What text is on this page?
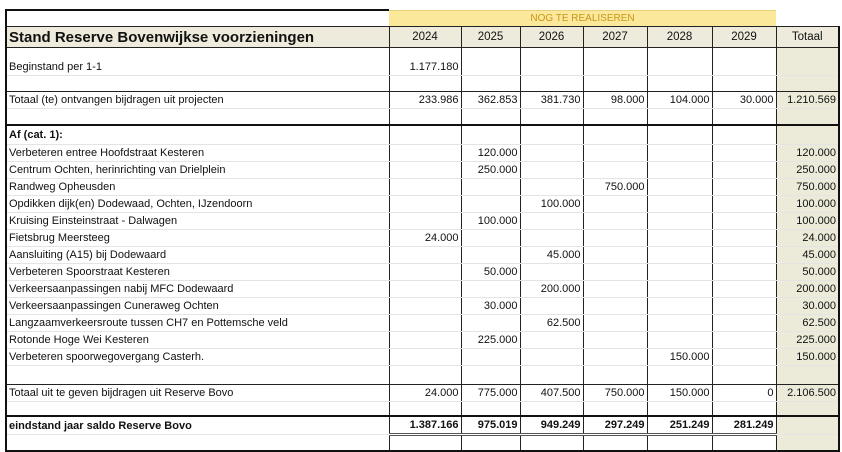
	NOG TE REALISEREN						
Stand Reserve Bovenwijkse voorzieningen	2024	2025	2026	2027	2028	2029	Totaal

Beginstand per 1-1	1.177.180						

Totaal (te) ontvangen bijdragen uit projecten	233.986	362.853	381.730	98.000	104.000	30.000	1.210.569

Af (cat. 1):							
Verbeteren entree Hoofdstraat Kesteren		120.000					120.000
Centrum Ochten, herinrichting van Drielplein		250.000					250.000
Randweg Opheusden				750.000			750.000
Opdikken dijk(en) Dodewaad, Ochten, IJzendoorn			100.000				100.000
Kruising Einsteinstraat - Dalwagen		100.000					100.000
Fietsbrug Meersteeg	24.000						24.000
Aansluiting (A15) bij Dodewaard			45.000				45.000
Verbeteren Spoorstraat Kesteren		50.000					50.000
Verkeersaanpassingen nabij MFC Dodewaard			200.000				200.000
Verkeersaanpassingen Cuneraweg Ochten		30.000					30.000
Langzaamverkeersroute tussen CH7 en Pottemsche veld			62.500				62.500
Rotonde Hoge Wei Kesteren		225.000					225.000
Verbeteren spoorwegovergang Casterh.					150.000		150.000

Totaal uit te geven bijdragen uit Reserve Bovo	24.000	775.000	407.500	750.000	150.000	0	2.106.500

eindstand jaar saldo Reserve Bovo	1.387.166	975.019	949.249	297.249	251.249	281.249	
